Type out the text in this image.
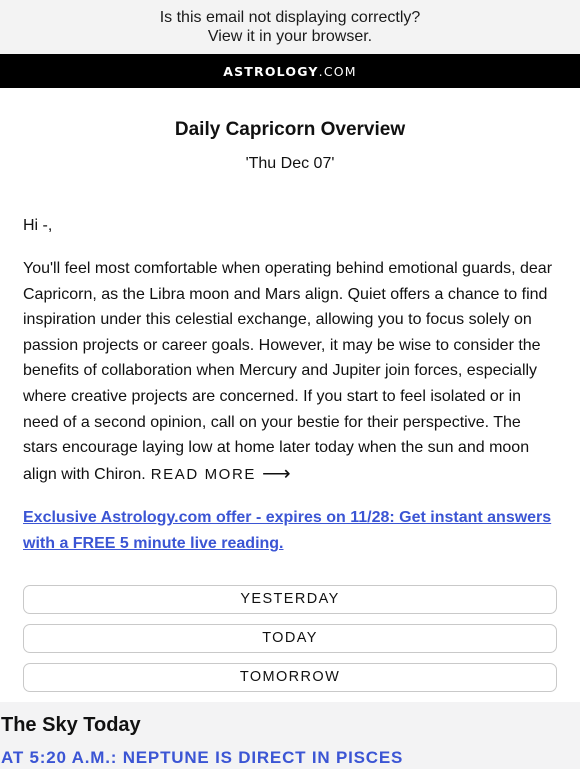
Is this email not displaying correctly?
View it in your browser.
ASTROLOGY.COM
Daily Capricorn Overview
'Thu Dec 07'
Hi -,
You'll feel most comfortable when operating behind emotional guards, dear Capricorn, as the Libra moon and Mars align. Quiet offers a chance to find inspiration under this celestial exchange, allowing you to focus solely on passion projects or career goals. However, it may be wise to consider the benefits of collaboration when Mercury and Jupiter join forces, especially where creative projects are concerned. If you start to feel isolated or in need of a second opinion, call on your bestie for their perspective. The stars encourage laying low at home later today when the sun and moon align with Chiron. READ MORE ⟶
Exclusive Astrology.com offer - expires on 11/28: Get instant answers with a FREE 5 minute live reading.
YESTERDAY
TODAY
TOMORROW
The Sky Today
AT 5:20 A.M.: NEPTUNE IS DIRECT IN PISCES
